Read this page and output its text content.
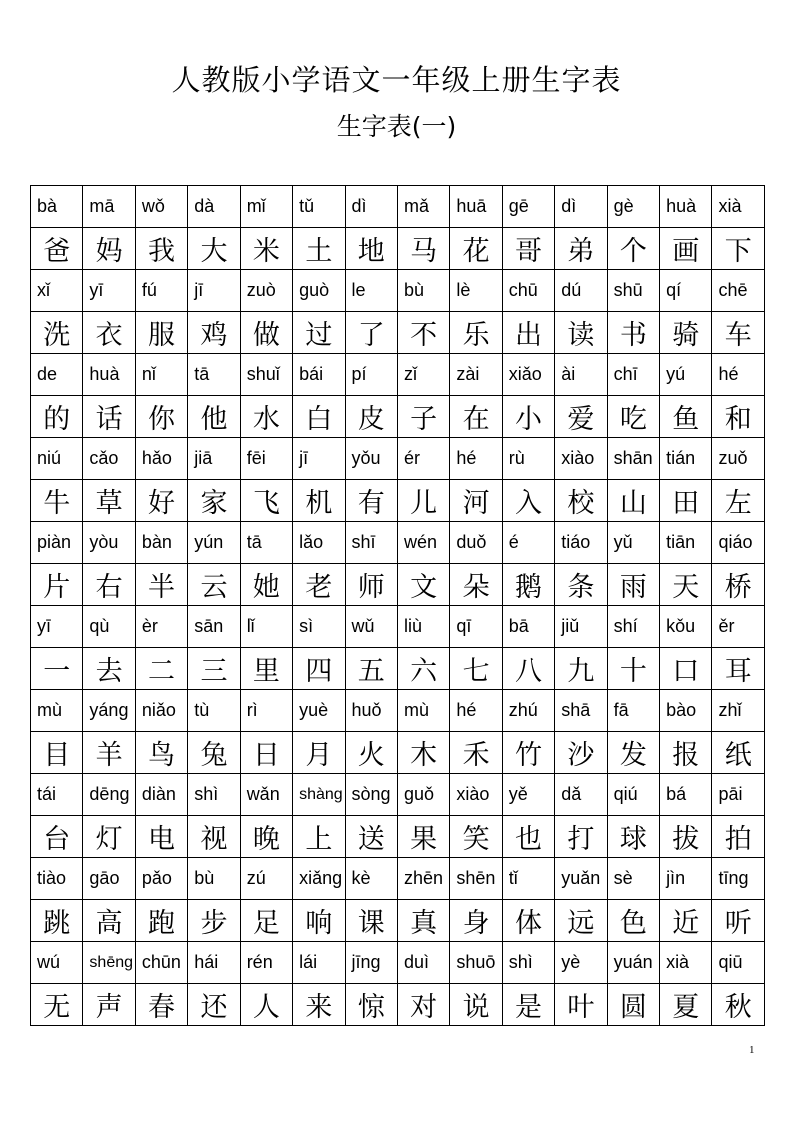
人教版小学语文一年级上册生字表
生字表(一)
bà	mā	wǒ	dà	mǐ	tǔ	dì	mǎ	huā	gē	dì	gè	huà	xià
爸	妈	我	大	米	土	地	马	花	哥	弟	个	画	下
xǐ	yī	fú	jī	zuò	guò	le	bù	lè	chū	dú	shū	qí	chē
洗	衣	服	鸡	做	过	了	不	乐	出	读	书	骑	车
de	huà	nǐ	tā	shuǐ	bái	pí	zǐ	zài	xiǎo	ài	chī	yú	hé
的	话	你	他	水	白	皮	子	在	小	爱	吃	鱼	和
niú	cǎo	hǎo	jiā	fēi	jī	yǒu	ér	hé	rù	xiào	shān	tián	zuǒ
牛	草	好	家	飞	机	有	儿	河	入	校	山	田	左
piàn	yòu	bàn	yún	tā	lǎo	shī	wén	duǒ	é	tiáo	yǔ	tiān	qiáo
片	右	半	云	她	老	师	文	朵	鹅	条	雨	天	桥
yī	qù	èr	sān	lǐ	sì	wǔ	liù	qī	bā	jiǔ	shí	kǒu	ěr
一	去	二	三	里	四	五	六	七	八	九	十	口	耳
mù	yáng	niǎo	tù	rì	yuè	huǒ	mù	hé	zhú	shā	fā	bào	zhǐ
目	羊	鸟	兔	日	月	火	木	禾	竹	沙	发	报	纸
tái	dēng	diàn	shì	wǎn	shàng	sòng	guǒ	xiào	yě	dǎ	qiú	bá	pāi
台	灯	电	视	晚	上	送	果	笑	也	打	球	拔	拍
tiào	gāo	pǎo	bù	zú	xiǎng	kè	zhēn	shēn	tǐ	yuǎn	sè	jìn	tīng
跳	高	跑	步	足	响	课	真	身	体	远	色	近	听
wú	shēng	chūn	hái	rén	lái	jīng	duì	shuō	shì	yè	yuán	xià	qiū
无	声	春	还	人	来	惊	对	说	是	叶	圆	夏	秋
1
